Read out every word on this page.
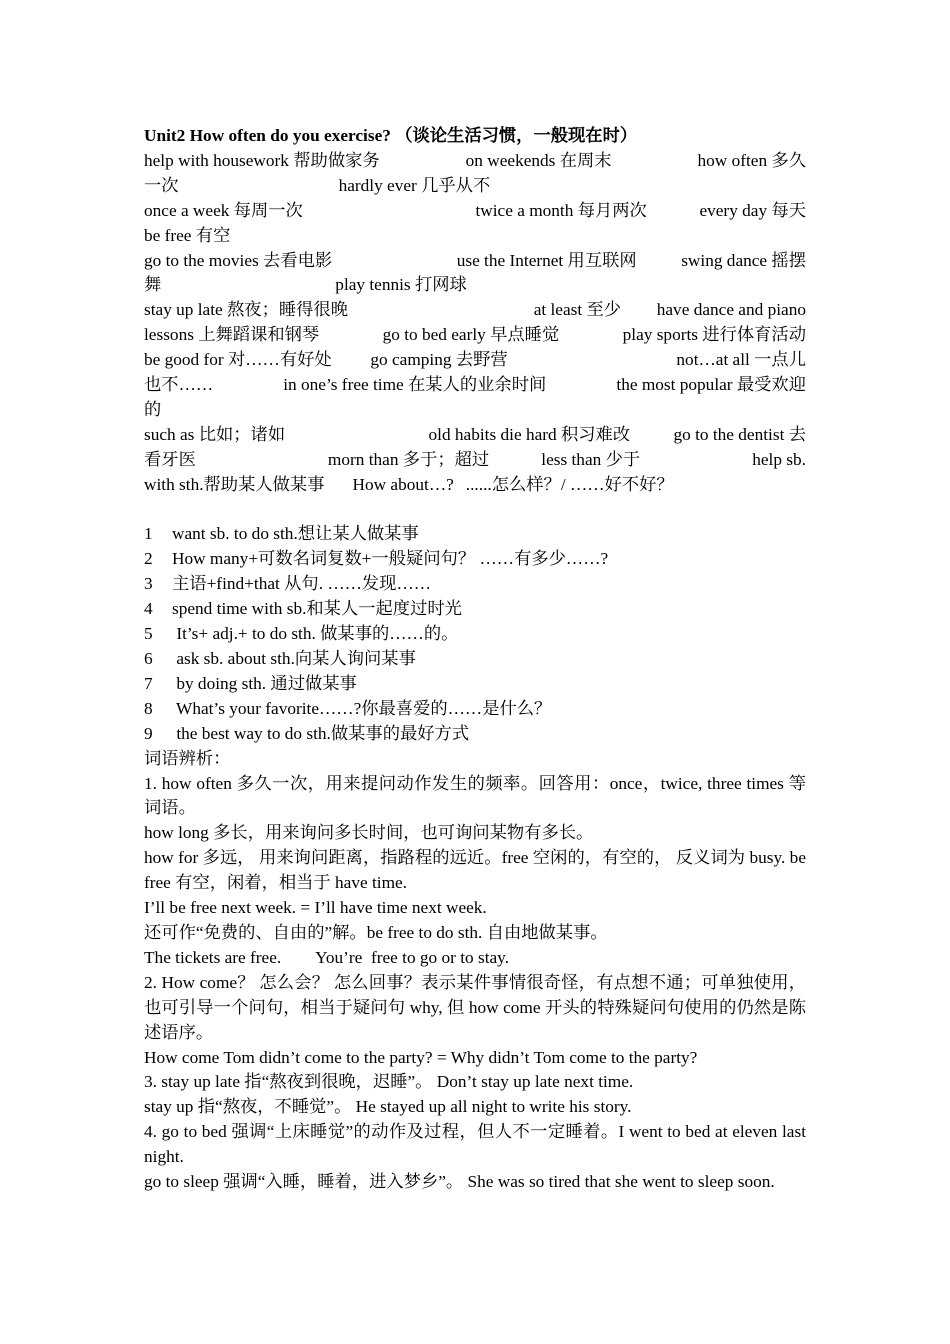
Unit2 How often do you exercise? （谈论生活习惯，一般现在时）

help with housework 帮助做家务	on weekends 在周末	how often 多久
一次	hardly ever 几乎从不
once a week 每周一次	twice a month 每月两次	every day 每天
be free 有空
go to the movies 去看电影	use the Internet 用互联网	swing dance 摇摆
舞	play tennis 打网球
stay up late 熬夜；睡得很晚	at least 至少 have dance and piano
lessons 上舞蹈课和钢琴	go to bed early 早点睡觉	play sports 进行体育活动
be good for 对……有好处 go camping 去野营	not…at all 一点儿
也不……	in one’s free time 在某人的业余时间	the most popular 最受欢迎
的
such as 比如；诸如	old habits die hard 积习难改	go to the dentist 去
看牙医	morn than 多于；超过	less than 少于	help sb.
with sth.帮助某人做某事 How about…? ......怎么样？/ ……好不好？
1 want sb. to do sth.想让某人做某事
2 How many+可数名词复数+一般疑问句？ ……有多少……?
3 主语+find+that 从句. ……发现……
4 spend time with sb.和某人一起度过时光
5 It’s+ adj.+ to do sth. 做某事的……的。
6 ask sb. about sth.向某人询问某事
7 by doing sth. 通过做某事
8 What’s your favorite……?你最喜爱的……是什么？
9 the best way to do sth.做某事的最好方式

词语辨析：

1. how often 多久一次，用来提问动作发生的频率。回答用：once，twice, three times 等词语。

how long 多长，用来询问多长时间，也可询问某物有多长。

how for 多远， 用来询问距离，指路程的远近。free 空闲的，有空的， 反义词为 busy. be free 有空，闲着，相当于 have time.

I’ll be free next week. = I’ll have time next week.

还可作“免费的、自由的”解。be free to do sth. 自由地做某事。

The tickets are free.        You’re  free to go or to stay.

2. How come？ 怎么会？ 怎么回事？表示某件事情很奇怪，有点想不通；可单独使用，也可引导一个问句，相当于疑问句 why, 但 how come 开头的特殊疑问句使用的仍然是陈述语序。

How come Tom didn’t come to the party? = Why didn’t Tom come to the party?

3. stay up late 指“熬夜到很晚，迟睡”。 Don’t stay up late next time.

stay up 指“熬夜，不睡觉”。 He stayed up all night to write his story.

4. go to bed 强调“上床睡觉”的动作及过程，但人不一定睡着。I went to bed at eleven last night.

go to sleep 强调“入睡，睡着，进入梦乡”。 She was so tired that she went to sleep soon.
